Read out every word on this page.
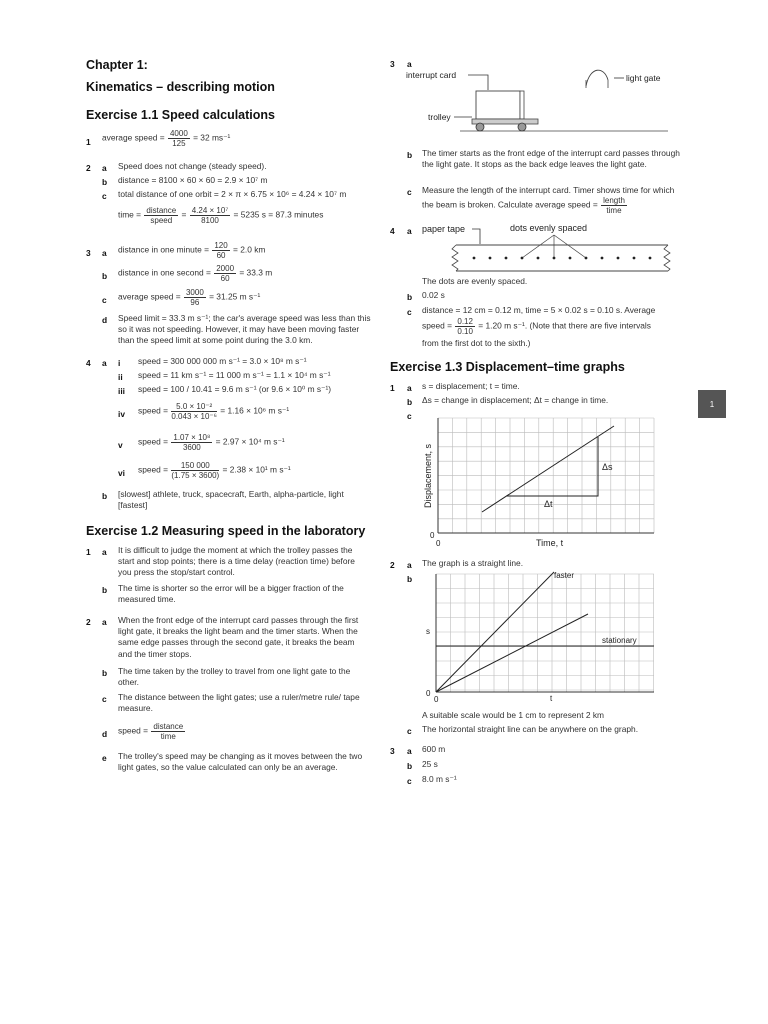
Chapter 1:
Kinematics – describing motion
Exercise 1.1 Speed calculations
1 average speed = $\frac{4000}{125} = 32$ ms⁻¹
2 a Speed does not change (steady speed).
b distance = 8100 × 60 × 60 = 2.9 × 10⁷ m
c total distance of one orbit = 2 × π × 6.75 × 10⁶ = 4.24 × 10⁷ m
time = $\frac{\text{distance}}{\text{speed}} = \frac{\text{4.24 × 10⁷}}{8100} = 5235$ s = 87.3 minutes
3 a distance in one minute = $\frac{120}{60} = 2.0$ km
b distance in one second = $\frac{2000}{60} = 33.3$ m
c average speed = $\frac{3000}{96} = 31.25$ m s⁻¹
d Speed limit = 33.3 m s⁻¹; the car's average speed was less than this so it was not speeding. However, it may have been moving faster than the speed limit at some point during the 3.0 km.
4 a i speed = 300 000 000 m s⁻¹ = 3.0 × 10⁸ m s⁻¹
ii speed = 11 km s⁻¹ = 11 000 m s⁻¹ = 1.1 × 10⁴ m s⁻¹
iii speed = 100 / 10.41 = 9.6 m s⁻¹ (or 9.6 × 10⁰ m s⁻¹)
iv speed = $\frac{\text{5.0 × 10⁻²}}{\text{0.043 × 10⁻⁶}} = 1.16 \times 10^6$ m s⁻¹
v speed = $\frac{\text{1.07 × 10⁸}}{3600} = 2.97 \times 10^4$ m s⁻¹
vi speed = $\frac{150 000}{(1.75 \times 3600)} = 2.38 \times 10^1$ m s⁻¹
b [slowest] athlete, truck, spacecraft, Earth, alpha-particle, light [fastest]
Exercise 1.2 Measuring speed in the laboratory
1 a It is difficult to judge the moment at which the trolley passes the start and stop points; there is a time delay (reaction time) before you press the stop/start control.
b The time is shorter so the error will be a bigger fraction of the measured time.
2 a When the front edge of the interrupt card passes through the first light gate, it breaks the light beam and the timer starts. When the same edge passes through the second gate, it breaks the beam and the timer stops.
b The time taken by the trolley to travel from one light gate to the other.
c The distance between the light gates; use a ruler/metre rule/ tape measure.
d speed = $\frac{\text{distance}}{\text{time}}$
e The trolley's speed may be changing as it moves between the two light gates, so the value calculated can only be an average.
3 a
interrupt card
trolley
light gate
b The timer starts as the front edge of the interrupt card passes through the light gate. It stops as the back edge leaves the light gate.
c Measure the length of the interrupt card. Timer shows time for which the beam is broken. Calculate average speed = $\frac{\text{length}}{\text{time}}$
4 a paper tape	dots evenly spaced
The dots are evenly spaced.
b 0.02 s
c distance = 12 cm = 0.12 m, time = 5 × 0.02 s = 0.10 s. Average
speed = $\frac{0.12}{0.10} = 1.20$ m s⁻¹. (Note that there are five intervals
from the first dot to the sixth.)
Exercise 1.3 Displacement–time graphs
1 a s = displacement; t = time.
b Δs = change in displacement; Δt = change in time.
c
Δs
Δt
0
0	Time, t
Displacement, s
2 a The graph is a straight line.
b	faster
stationary
s
t
0
0
A suitable scale would be 1 cm to represent 2 km
c The horizontal straight line can be anywhere on the graph.
3 a 600 m
b 25 s
c 8.0 m s⁻¹
1
